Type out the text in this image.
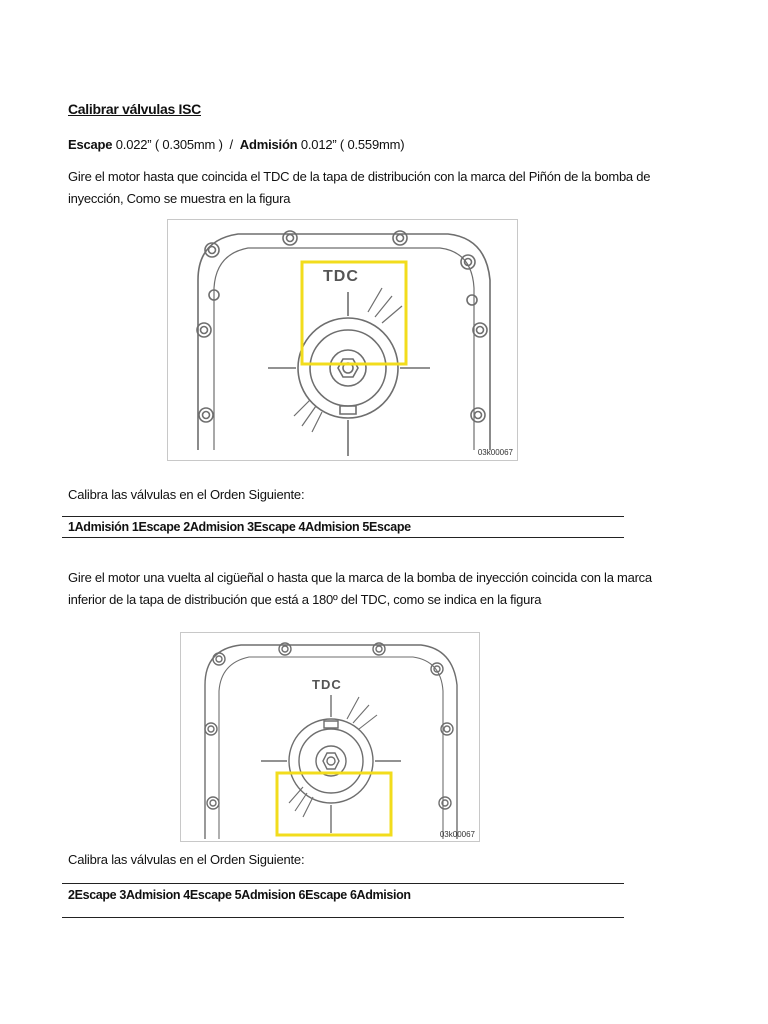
Calibrar válvulas ISC
Escape 0.022” ( 0.305mm ) / Admisión 0.012” ( 0.559mm)
Gire el motor hasta que coincida el TDC de la tapa de distribución con la marca del Piñón de la bomba de inyección, Como se muestra en la figura
TDC
03k00067
Calibra las válvulas en el Orden Siguiente:
1Admisión 1Escape 2Admision 3Escape 4Admision 5Escape
Gire el motor una vuelta al cigüeñal o hasta que la marca de la bomba de inyección coincida con la marca inferior de la tapa de distribución que está a 180º del TDC, como se indica en la figura
TDC
03k00067
Calibra las válvulas en el Orden Siguiente:
2Escape 3Admision 4Escape 5Admision 6Escape 6Admision
